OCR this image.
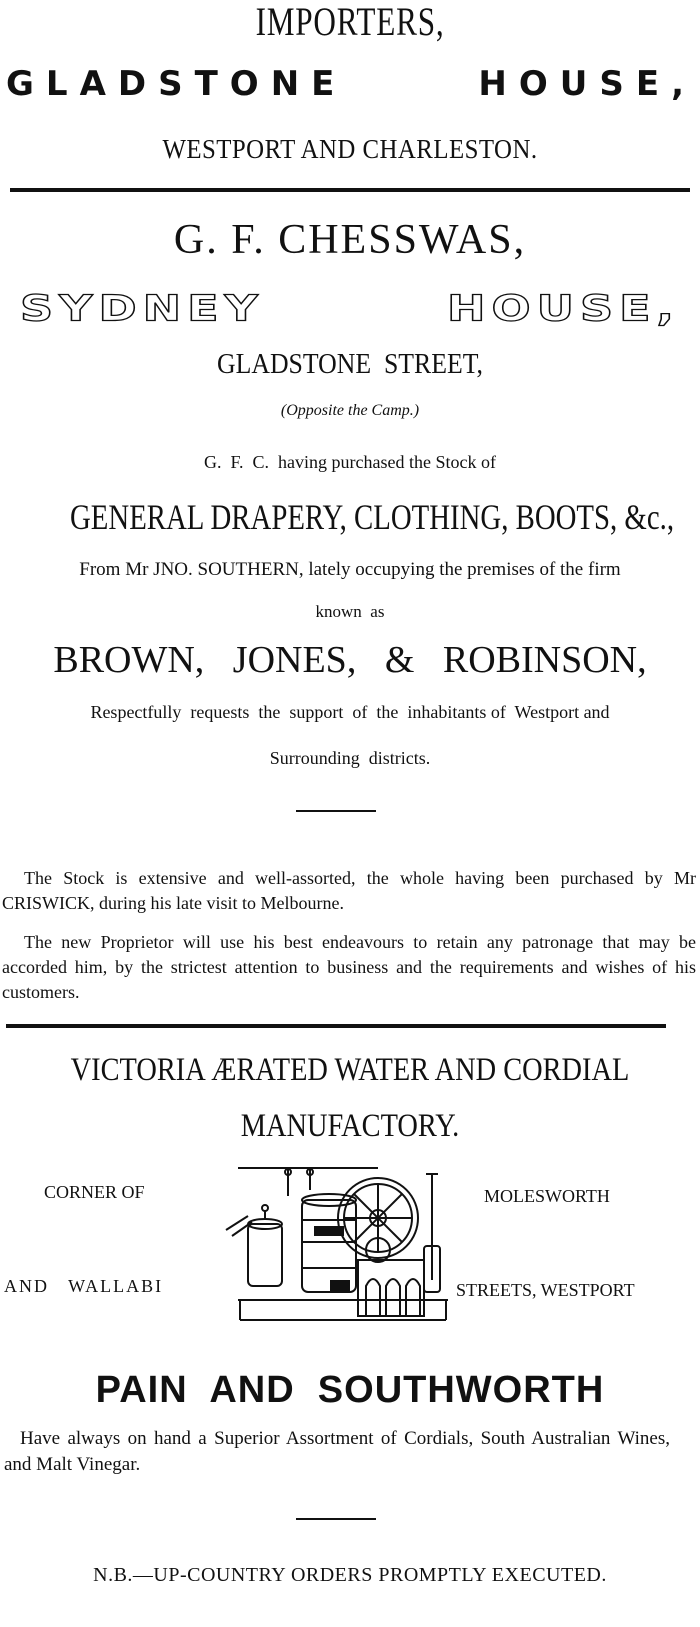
IMPORTERS,
GLADSTONE	HOUSE,
WESTPORT AND CHARLESTON.
G. F. CHESSWAS,
SYDNEY	HOUSE,
GLADSTONE  STREET,
(Opposite the Camp.)
G.  F.  C.  having purchased the Stock of
GENERAL DRAPERY, CLOTHING, BOOTS, &c.,
From Mr JNO. SOUTHERN, lately occupying the premises of the firm
known  as
BROWN,   JONES,   &   ROBINSON,
Respectfully  requests  the  support  of  the  inhabitants of  Westport and
Surrounding  districts.
The Stock is extensive and well-assorted, the whole having been purchased by Mr CRISWICK, during his late visit to Melbourne.
The new Proprietor will use his best endeavours to retain any patronage that may be accorded him, by the strictest attention to business and the requirements and wishes of his customers.
VICTORIA ÆRATED WATER AND CORDIAL
MANUFACTORY.
CORNER OF	MOLESWORTH
AND   WALLABI	STREETS, WESTPORT
PAIN  AND  SOUTHWORTH
Have always on hand a Superior Assortment of Cordials, South Australian Wines, and Malt Vinegar.
N.B.—UP-COUNTRY ORDERS PROMPTLY EXECUTED.
